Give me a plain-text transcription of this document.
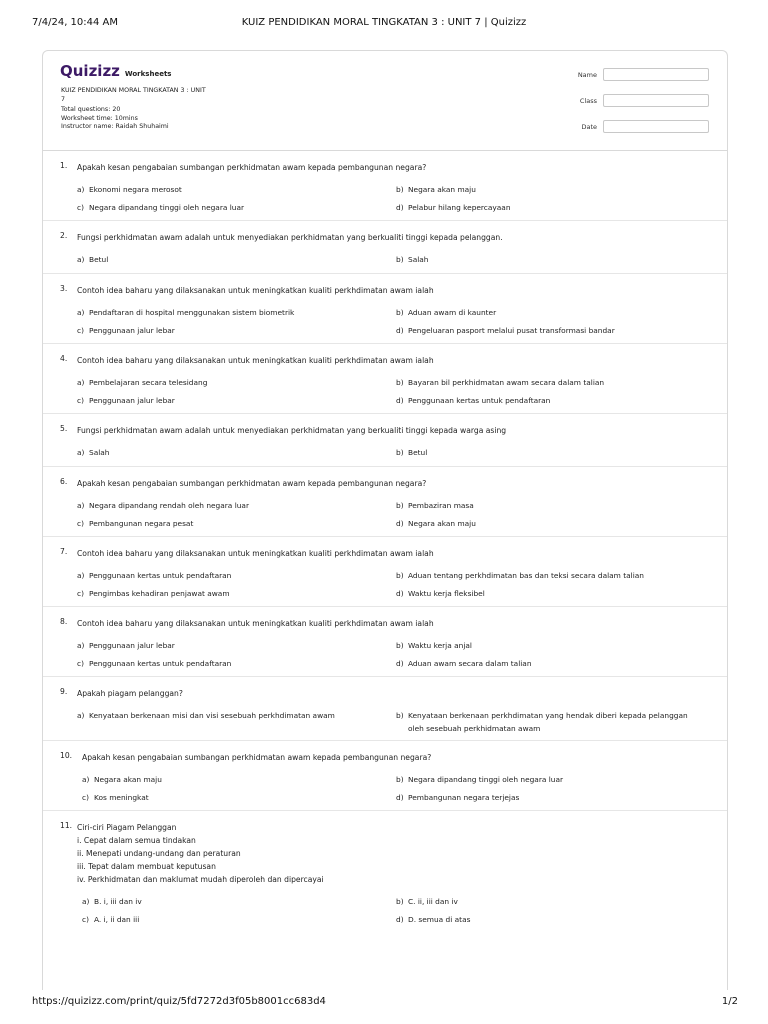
7/4/24, 10:44 AM	KUIZ PENDIDIKAN MORAL TINGKATAN 3 : UNIT 7 | Quizizz
Quizizz Worksheets
KUIZ PENDIDIKAN MORAL TINGKATAN 3 : UNIT 7
Total questions: 20
Worksheet time: 10mins
Instructor name: Raidah Shuhaimi
Name
Class
Date
1. Apakah kesan pengabaian sumbangan perkhidmatan awam kepada pembangunan negara?
a) Ekonomi negara merosot	b) Negara akan maju
c) Negara dipandang tinggi oleh negara luar	d) Pelabur hilang kepercayaan
2. Fungsi perkhidmatan awam adalah untuk menyediakan perkhidmatan yang berkualiti tinggi kepada pelanggan.
a) Betul	b) Salah
3. Contoh idea baharu yang dilaksanakan untuk meningkatkan kualiti perkhdimatan awam ialah
a) Pendaftaran di hospital menggunakan sistem biometrik	b) Aduan awam di kaunter
c) Penggunaan jalur lebar	d) Pengeluaran pasport melalui pusat transformasi bandar
4. Contoh idea baharu yang dilaksanakan untuk meningkatkan kualiti perkhdimatan awam ialah
a) Pembelajaran secara telesidang	b) Bayaran bil perkhidmatan awam secara dalam talian
c) Penggunaan jalur lebar	d) Penggunaan kertas untuk pendaftaran
5. Fungsi perkhidmatan awam adalah untuk menyediakan perkhidmatan yang berkualiti tinggi kepada warga asing
a) Salah	b) Betul
6. Apakah kesan pengabaian sumbangan perkhidmatan awam kepada pembangunan negara?
a) Negara dipandang rendah oleh negara luar	b) Pembaziran masa
c) Pembangunan negara pesat	d) Negara akan maju
7. Contoh idea baharu yang dilaksanakan untuk meningkatkan kualiti perkhdimatan awam ialah
a) Penggunaan kertas untuk pendaftaran	b) Aduan tentang perkhdimatan bas dan teksi secara dalam talian
c) Pengimbas kehadiran penjawat awam	d) Waktu kerja fleksibel
8. Contoh idea baharu yang dilaksanakan untuk meningkatkan kualiti perkhdimatan awam ialah
a) Penggunaan jalur lebar	b) Waktu kerja anjal
c) Penggunaan kertas untuk pendaftaran	d) Aduan awam secara dalam talian
9. Apakah piagam pelanggan?
a) Kenyataan berkenaan misi dan visi sesebuah perkhdimatan awam	b) Kenyataan berkenaan perkhdimatan yang hendak diberi kepada pelanggan oleh sesebuah perkhidmatan awam
10. Apakah kesan pengabaian sumbangan perkhidmatan awam kepada pembangunan negara?
a) Negara akan maju	b) Negara dipandang tinggi oleh negara luar
c) Kos meningkat	d) Pembangunan negara terjejas
11. Ciri-ciri Piagam Pelanggan
i. Cepat dalam semua tindakan
ii. Menepati undang-undang dan peraturan
iii. Tepat dalam membuat keputusan
iv. Perkhidmatan dan maklumat mudah diperoleh dan dipercayai
a) B. i, iii dan iv	b) C. ii, iii dan iv
c) A. i, ii dan iii	d) D. semua di atas
https://quizizz.com/print/quiz/5fd7272d3f05b8001cc683d4	1/2
